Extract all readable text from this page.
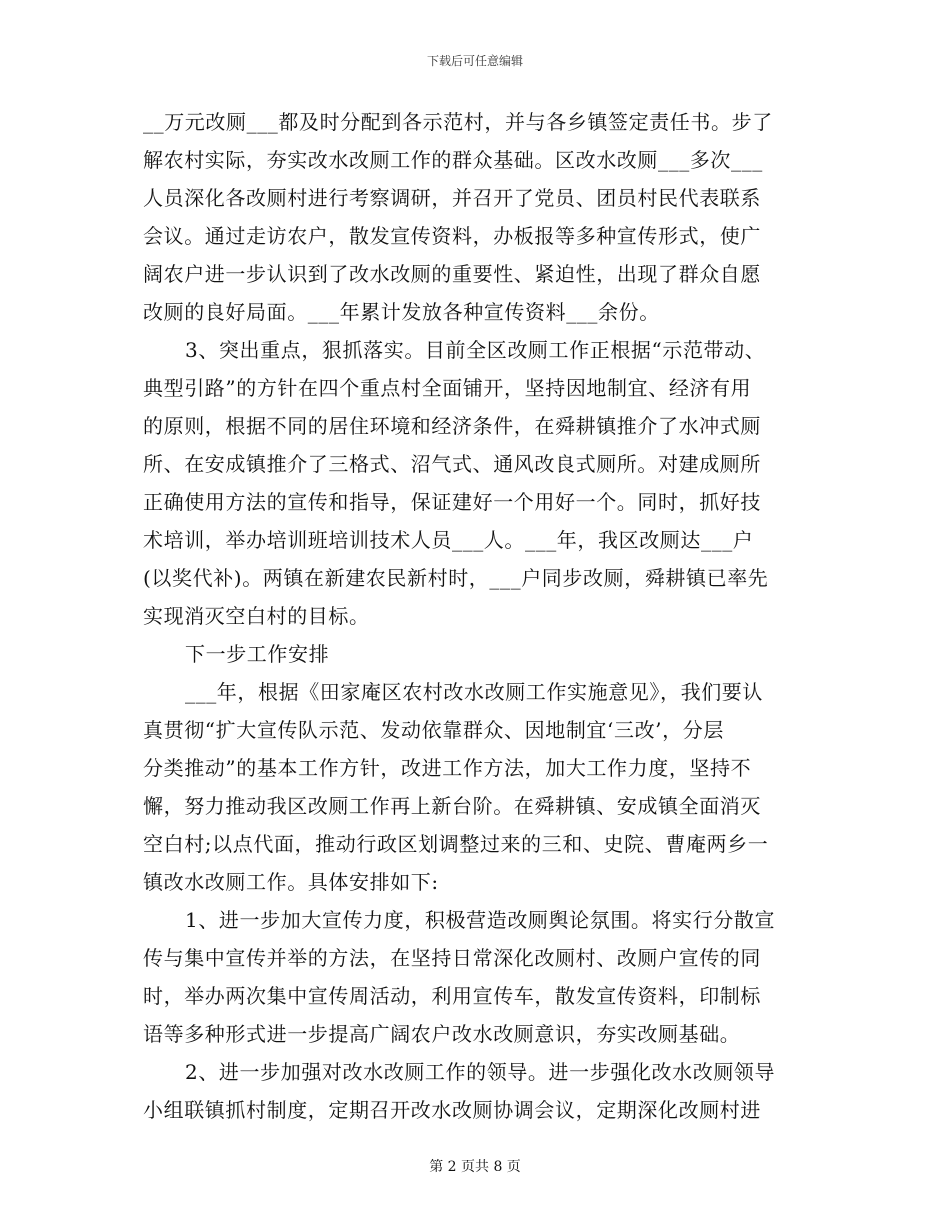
下载后可任意编辑
__万元改厕___都及时分配到各示范村，并与各乡镇签定责任书。步了
解农村实际，夯实改水改厕工作的群众基础。区改水改厕___多次___
人员深化各改厕村进行考察调研，并召开了党员、团员村民代表联系
会议。通过走访农户，散发宣传资料，办板报等多种宣传形式，使广
阔农户进一步认识到了改水改厕的重要性、紧迫性，出现了群众自愿
改厕的良好局面。___年累计发放各种宣传资料___余份。
3、突出重点，狠抓落实。目前全区改厕工作正根据“示范带动、
典型引路”的方针在四个重点村全面铺开，坚持因地制宜、经济有用
的原则，根据不同的居住环境和经济条件，在舜耕镇推介了水冲式厕
所、在安成镇推介了三格式、沼气式、通风改良式厕所。对建成厕所
正确使用方法的宣传和指导，保证建好一个用好一个。同时，抓好技
术培训，举办培训班培训技术人员___人。___年，我区改厕达___户
(以奖代补)。两镇在新建农民新村时，___户同步改厕，舜耕镇已率先
实现消灭空白村的目标。
下一步工作安排
___年，根据《田家庵区农村改水改厕工作实施意见》，我们要认
真贯彻“扩大宣传队示范、发动依靠群众、因地制宜‘三改’，分层
分类推动”的基本工作方针，改进工作方法，加大工作力度，坚持不
懈，努力推动我区改厕工作再上新台阶。在舜耕镇、安成镇全面消灭
空白村;以点代面，推动行政区划调整过来的三和、史院、曹庵两乡一
镇改水改厕工作。具体安排如下:
1、进一步加大宣传力度，积极营造改厕舆论氛围。将实行分散宣
传与集中宣传并举的方法，在坚持日常深化改厕村、改厕户宣传的同
时，举办两次集中宣传周活动，利用宣传车，散发宣传资料，印制标
语等多种形式进一步提高广阔农户改水改厕意识，夯实改厕基础。
2、进一步加强对改水改厕工作的领导。进一步强化改水改厕领导
小组联镇抓村制度，定期召开改水改厕协调会议，定期深化改厕村进
第 2 页共 8 页
